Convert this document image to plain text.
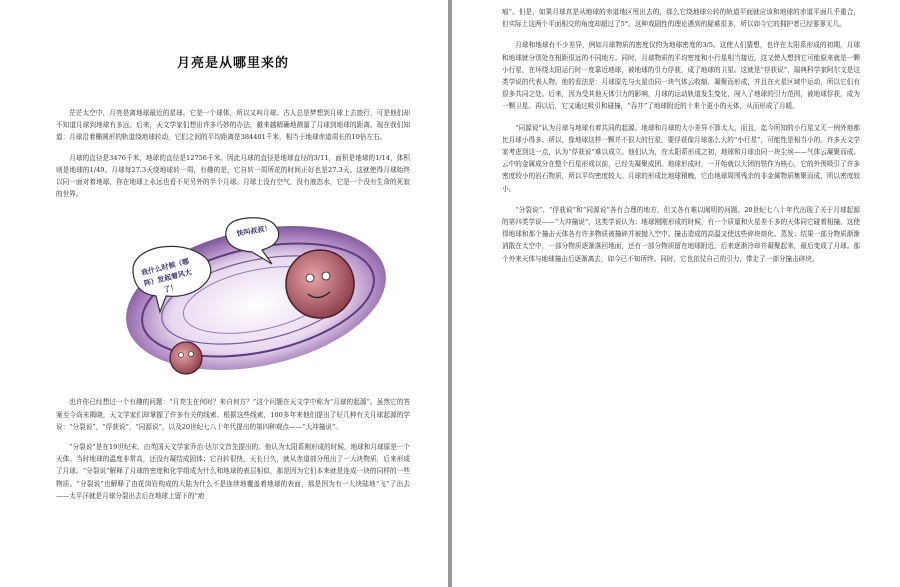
月亮是从哪里来的

茫茫太空中，月亮是离地球最近的星球。它是一个球体，所以又叫月球。古人总是梦想到月球上去旅行，可是他们却不知道月球到地球有多远。后来，天文学家们想出许多巧妙的办法，越来越精确地测量了月球到地球的距离。现在我们知道：月球沿着椭圆形的轨道绕地球转动，它们之间的平均距离是384401千米，相当于地球赤道周长的10倍左右。

月球的直径是3476千米，地球的直径是12756千米。因此月球的直径是地球直径的3/11，面积是地球的1/14，体积则是地球的1/49。月球每27.3天绕地球转一周，有趣的是，它自转一周所花的时间正好也是27.3天。这就使得月球始终以同一面对着地球，你在地球上永远也看不见另外的半个月球。月球上没有空气，没有液态水，它是一个没有生命的死寂的世界。

我什么时候（哪阵）发起着风大了！
快叫叔叔！

也许你已经想过一个有趣的问题：“月亮生在何时？来自何方？”这个问题在天文学中称为“月球的起源”。虽然它的答案至今尚未揭晓，天文学家们却掌握了许多有关的线索。根据这些线索，100多年来他们提出了好几种有关月球起源的学说：“分裂说”，“俘获说”，“同源说”，以及20世纪七八十年代提出的第四种观点——“大冲撞说”。

“分裂说”是在19世纪末，由英国天文学家乔治·达尔文首先提出的。他认为太阳系刚形成的时候，地球和月球原是一个天体。当时地球的温度非常高，还没有凝结成固体；它自转很快，天长日久，就从赤道部分甩出了一大块物质，后来形成了月球。“分裂说”解释了月球的密度和化学组成为什么和地球的表层相似，那是因为它们本来就是连成一块的同样的一些物质。“分裂说”也解释了由花岗岩构成的大陆为什么不是连续地覆盖着地球的表面，那是因为有一大块陆地“飞”了出去——太平洋就是月球分裂出去后在地球上留下的“疤

痕”。但是，如果月球真是从地球的赤道地区甩出去的，那么它绕地球公转的轨道平面就应该和地球的赤道平面几乎重合，但实际上这两个平面相交的角度却超过了5°。这种戏剧性的理论遇到的疑难很多，所以如今它的拥护者已经寥寥无几。

月球和地球有不少差异，例如月球物质的密度仅约为地球密度的3/5。这使人们猜想，也许在太阳系形成的初期，月球和地球就分别处在相距很远的不同地方。同时，月球物质的平均密度和小行星相当接近，这又使人想到它可能原来就是一颗小行星，在环绕太阳运行时一度靠近地球，被地球的引力俘获，成了地球的卫星。这就是“俘获说”，瑞典科学家阿尔文是这类学说的代表人物。他的看法是：月球原先与火星由同一块气体云收缩、凝聚而形成，并且在火星区域中运动，所以它们有很多共同之处。后来，因为受其他天体引力的影响，月球的运动轨道发生变化，闯入了地球的引力范围，被地球俘获，成为一颗卫星。再以后，它又通过吸引和碰撞，“吞并”了地球附近的十来个更小的天体，从而形成了月暖。

“同源说”认为月球与地球有着共同的起源。地球和月球的大小差异不算太大，而且，迄今所知的小行星又无一例外地都比月球小得多。所以，像地球这样一颗并不很大的行星，要俘获像月球那么大的“小行星”，可能性是相当小的。许多天文学家考虑到这一点，认为“俘获说”难以成立。他们认为，在太阳系形成之初，地球和月球由同一块尘埃——气体云凝聚而成。云中的金属成分在整个行星形成以前，已经先凝聚成团。地球形成时，一开始就以大团的铁作为核心，它的外围吸引了许多密度较小的岩石物质，所以平均密度较大。月球的形成比地球稍晚，它由地球周围残余的非金属物质集聚而成，所以密度较小。

“分裂说”、“俘获说”和“同源说”各有合理的地方，但又各有难以阐明的问题。20世纪七八十年代出现了关于月球起源的第四类学说——“大冲撞说”，这类学说认为：地球刚刚形成的时候，有一个质量和火星差不多的天体同它碰着相撞，这使得地球和那个撞击天体各有许多物质被撞碎并被抛入空中。撞击造成的高温又使这些碎块熔化、蒸发；结果一部分物质渐渐消散在太空中，一部分物质逐渐落回地面，还有一部分物质留在地球附近，后来逐渐冷却并凝聚起来，最后变成了月球。那个外来天体与地球撞击后逐渐离去，如今已不知所终。同时，它也依仗自己的引力，带走了一部分撞击碎块。
